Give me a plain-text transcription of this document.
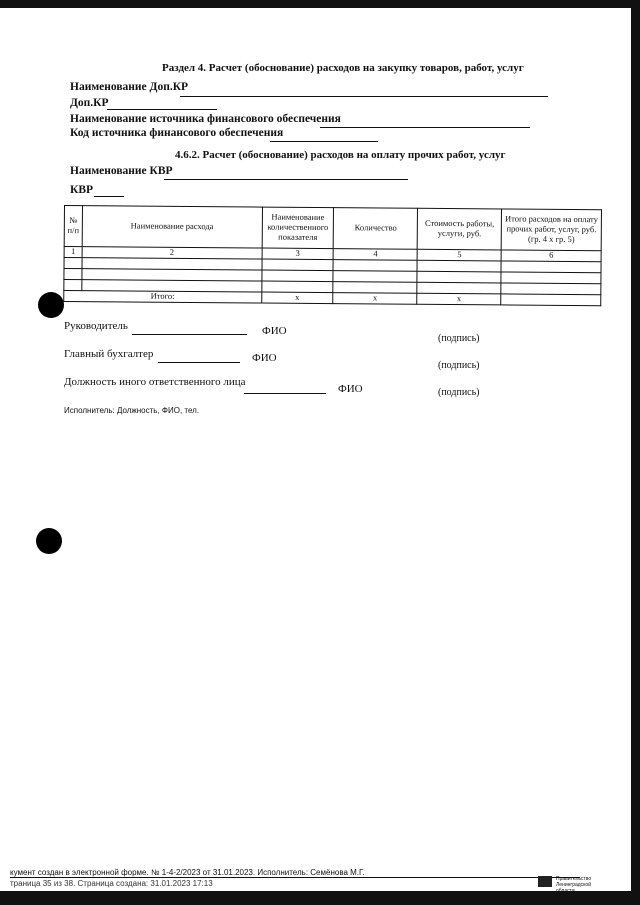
Раздел 4. Расчет (обоснование) расходов на закупку товаров, работ, услуг
Наименование Доп.КР
Доп.КР
Наименование источника финансового обеспечения
Код источника финансового обеспечения
4.6.2. Расчет (обоснование) расходов на оплату прочих работ, услуг
Наименование КВР
КВР
№ п/п	Наименование расхода	Наименование количественного показателя	Количество	Стоимость работы, услуги, руб.	Итого расходов на оплату прочих работ, услуг, руб. (гр. 4 х гр. 5)
1	2	3	4	5	6

Итого:		x	x	x	
Руководитель	ФИО
(подпись)
Главный бухгалтер	ФИО
(подпись)
Должность иного ответственного лица
ФИО	(подпись)
Исполнитель: Должность, ФИО, тел.
кумент создан в электронной форме. № 1-4-2/2023 от 31.01.2023. Исполнитель: Семёнова М.Г.
траница 35 из 38. Страница создана: 31.01.2023 17:13	Правительство Ленинградской области
